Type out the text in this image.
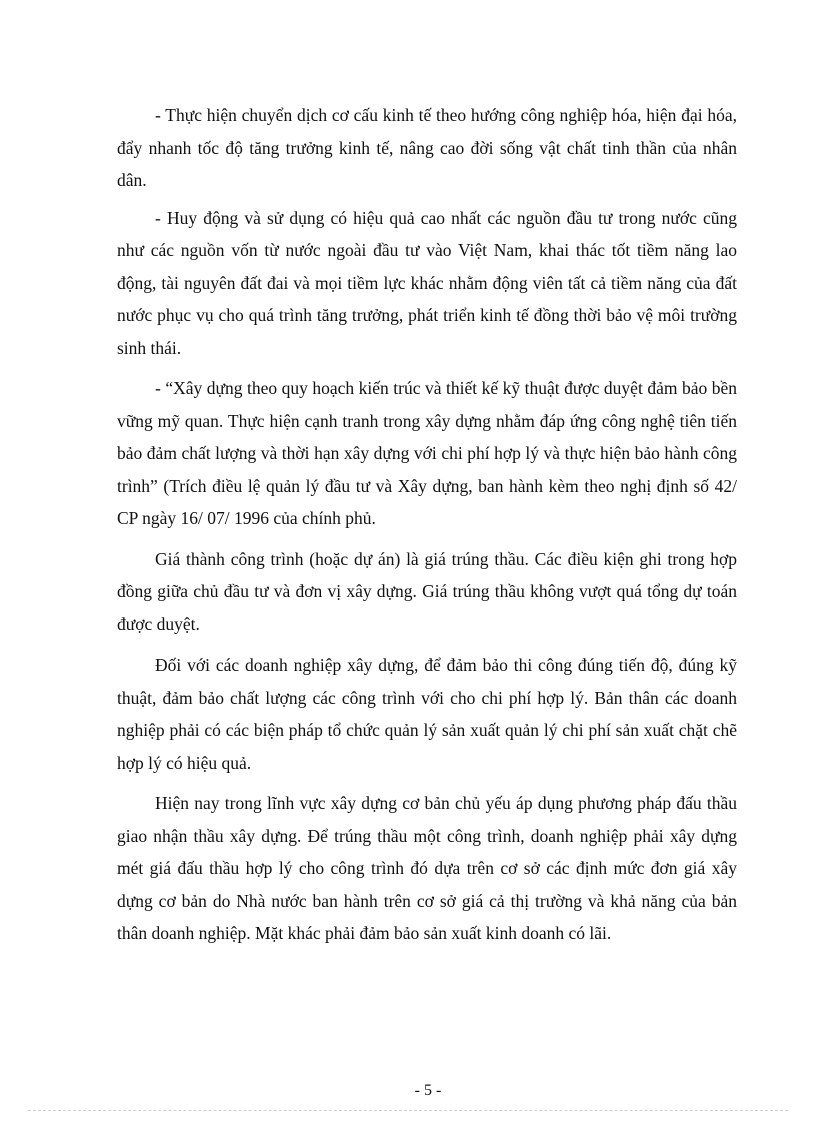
- Thực hiện chuyển dịch cơ cấu kinh tế theo hướng công nghiệp hóa, hiện đại hóa, đẩy nhanh tốc độ tăng trưởng kinh tế, nâng cao đời sống vật chất tinh thần của nhân dân.

- Huy động và sử dụng có hiệu quả cao nhất các nguồn đầu tư trong nước cũng như các nguồn vốn từ nước ngoài đầu tư vào Việt Nam, khai thác tốt tiềm năng lao động, tài nguyên đất đai và mọi tiềm lực khác nhằm động viên tất cả tiềm năng của đất nước phục vụ cho quá trình tăng trưởng, phát triển kinh tế đồng thời bảo vệ môi trường sinh thái.

- “Xây dựng theo quy hoạch kiến trúc và thiết kế kỹ thuật được duyệt đảm bảo bền vững mỹ quan. Thực hiện cạnh tranh trong xây dựng nhằm đáp ứng công nghệ tiên tiến bảo đảm chất lượng và thời hạn xây dựng với chi phí hợp lý và thực hiện bảo hành công trình” (Trích điều lệ quản lý đầu tư và Xây dựng, ban hành kèm theo nghị định số 42/ CP ngày 16/ 07/ 1996 của chính phủ.

Giá thành công trình (hoặc dự án) là giá trúng thầu. Các điều kiện ghi trong hợp đồng giữa chủ đầu tư và đơn vị xây dựng. Giá trúng thầu không vượt quá tổng dự toán được duyệt.

Đối với các doanh nghiệp xây dựng, để đảm bảo thi công đúng tiến độ, đúng kỹ thuật, đảm bảo chất lượng các công trình với cho chi phí hợp lý. Bản thân các doanh nghiệp phải có các biện pháp tổ chức quản lý sản xuất quản lý chi phí sản xuất chặt chẽ hợp lý có hiệu quả.

Hiện nay trong lĩnh vực xây dựng cơ bản chủ yếu áp dụng phương pháp đấu thầu giao nhận thầu xây dựng. Để trúng thầu một công trình, doanh nghiệp phải xây dựng mét giá đấu thầu hợp lý cho công trình đó dựa trên cơ sở các định mức đơn giá xây dựng cơ bản do Nhà nước ban hành trên cơ sở giá cả thị trường và khả năng của bản thân doanh nghiệp. Mặt khác phải đảm bảo sản xuất kinh doanh có lãi.

- 5 -
